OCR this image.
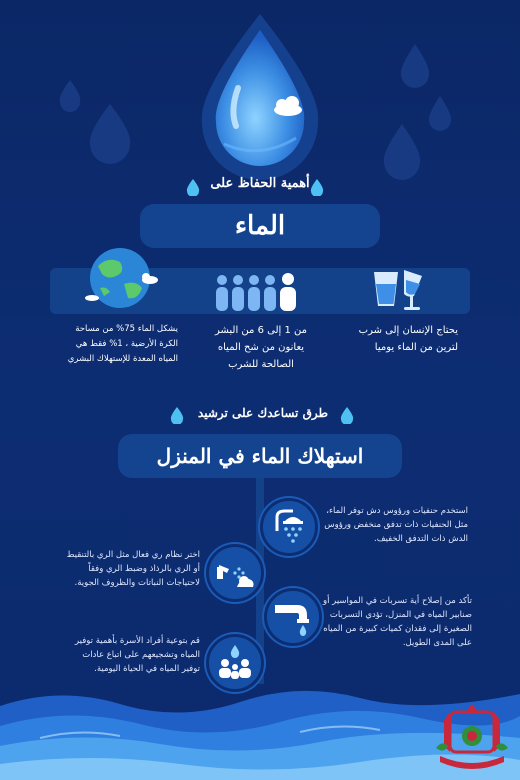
أهمية الحفاظ على
الماء
يحتاج الإنسان إلى شرب لترين من الماء يوميا
من 1 إلى 6 من البشر يعانون من شح المياه الصالحة للشرب
يشكل الماء 75% من مساحة الكرة الأرضية ، 1% فقط هي المياه المعدة للإستهلاك البشري
طرق تساعدك على ترشيد
استهلاك الماء في المنزل
استخدم حنفيات ورؤوس دش توفر الماء، مثل الحنفيات ذات تدفق منخفض ورؤوس الدش ذات التدفق الخفيف.
اختر نظام ري فعال مثل الري بالتنقيط أو الري بالرذاذ وضبط الري وفقاً لاحتياجات النباتات والظروف الجوية.
تأكد من إصلاح أية تسربات في المواسير أو صنابير المياه في المنزل، تؤدي التسربات الصغيرة إلى فقدان كميات كبيرة من المياه على المدى الطويل.
قم بتوعية أفراد الأسرة بأهمية توفير المياه وتشجيعهم على اتباع عادات توفير المياه في الحياة اليومية.
